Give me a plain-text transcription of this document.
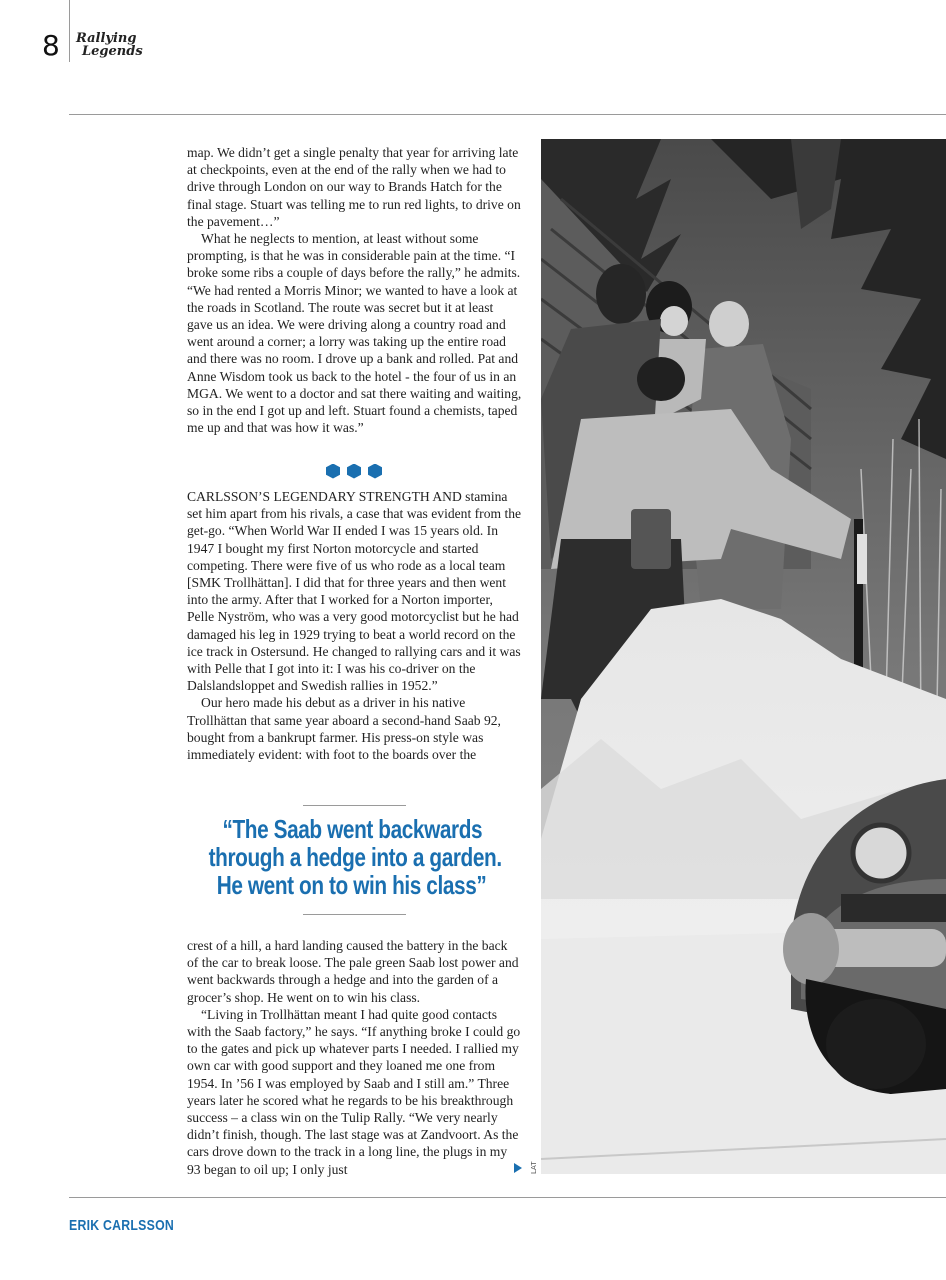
8 Rallying
Legends

map. We didn’t get a single penalty that year for arriving late at checkpoints, even at the end of the rally when we had to drive through London on our way to Brands Hatch for the final stage. Stuart was telling me to run red lights, to drive on the pavement…”

What he neglects to mention, at least without some prompting, is that he was in considerable pain at the time. “I broke some ribs a couple of days before the rally,” he admits. “We had rented a Morris Minor; we wanted to have a look at the roads in Scotland. The route was secret but it at least gave us an idea. We were driving along a country road and went around a corner; a lorry was taking up the entire road and there was no room. I drove up a bank and rolled. Pat and Anne Wisdom took us back to the hotel - the four of us in an MGA. We went to a doctor and sat there waiting and waiting, so in the end I got up and left. Stuart found a chemists, taped me up and that was how it was.”

CARLSSON’S LEGENDARY STRENGTH AND stamina set him apart from his rivals, a case that was evident from the get-go. “When World War II ended I was 15 years old. In 1947 I bought my first Norton motorcycle and started competing. There were five of us who rode as a local team [SMK Trollhättan]. I did that for three years and then went into the army. After that I worked for a Norton importer, Pelle Nyström, who was a very good motorcyclist but he had damaged his leg in 1929 trying to beat a world record on the ice track in Ostersund. He changed to rallying cars and it was with Pelle that I got into it: I was his co-driver on the Dalslandsloppet and Swedish rallies in 1952.”

Our hero made his debut as a driver in his native Trollhättan that same year aboard a second-hand Saab 92, bought from a bankrupt farmer. His press-on style was immediately evident: with foot to the boards over the

“The Saab went backwards
through a hedge into a garden.
He went on to win his class”

crest of a hill, a hard landing caused the battery in the back of the car to break loose. The pale green Saab lost power and went backwards through a hedge and into the garden of a grocer’s shop. He went on to win his class.

“Living in Trollhättan meant I had quite good contacts with the Saab factory,” he says. “If anything broke I could go to the gates and pick up whatever parts I needed. I rallied my own car with good support and they loaned me one from 1954. In ’56 I was employed by Saab and I still am.” Three years later he scored what he regards to be his breakthrough success – a class win on the Tulip Rally. “We very nearly didn’t finish, though. The last stage was at Zandvoort. As the cars drove down to the track in a long line, the plugs in my 93 began to oil up; I only just	LAT
ERIK CARLSSON
